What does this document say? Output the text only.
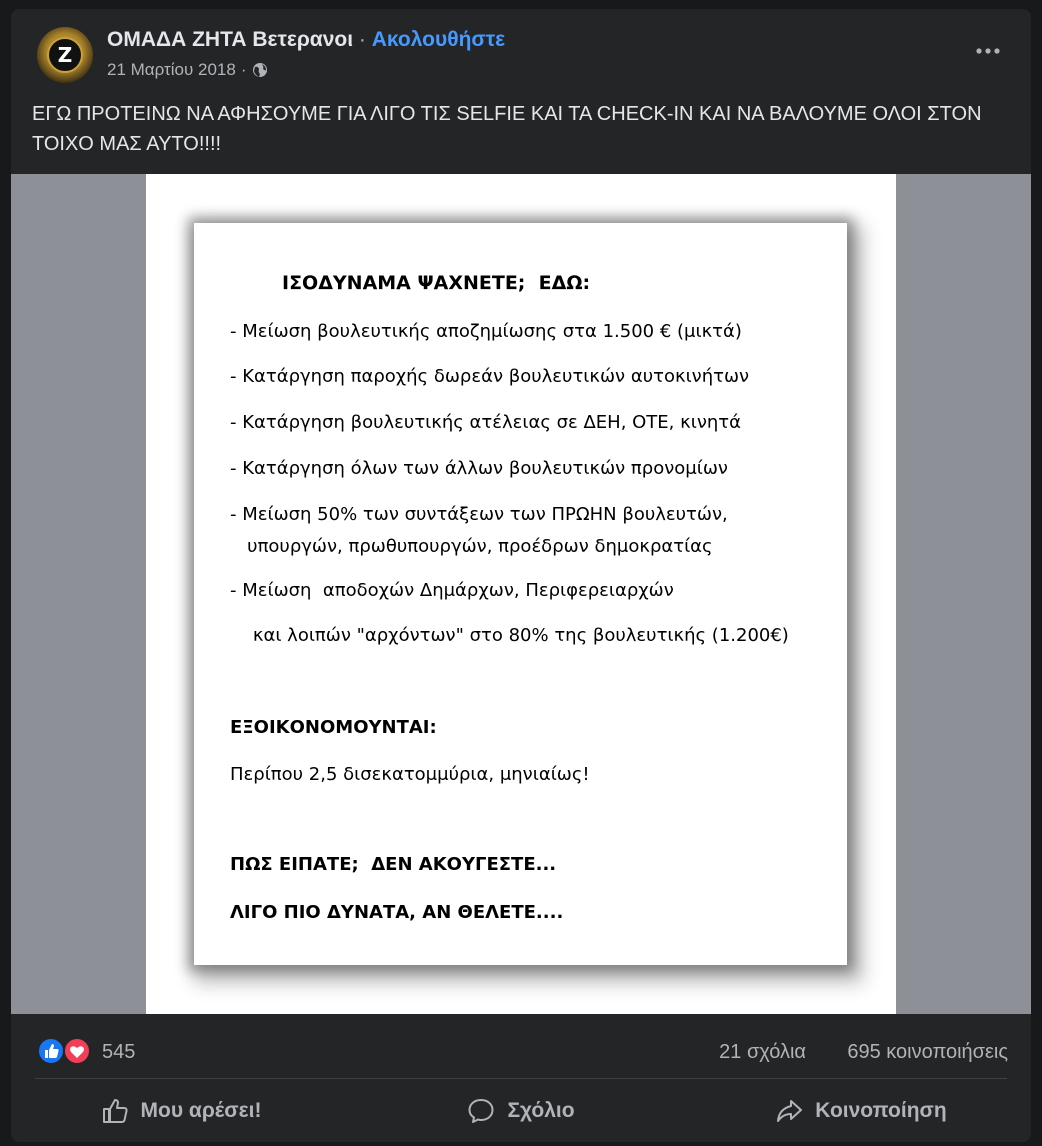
Z
ΟΜΑΔΑ ΖΗΤΑ Βετερανοι · Ακολουθήστε
21 Μαρτίου 2018 ·
ΕΓΩ ΠΡΟΤΕΙΝΩ ΝΑ ΑΦΗΣΟΥΜΕ ΓΙΑ ΛΙΓΟ ΤΙΣ SELFIE ΚΑΙ ΤΑ CHECK-IN ΚΑΙ ΝΑ ΒΑΛΟΥΜΕ ΟΛΟΙ ΣΤΟΝ ΤΟΙΧΟ ΜΑΣ ΑΥΤΟ!!!!
ΙΣΟΔΥΝΑΜΑ ΨΑΧΝΕΤΕ;  ΕΔΩ:
- Μείωση βουλευτικής αποζημίωσης στα 1.500 € (μικτά)
- Κατάργηση παροχής δωρεάν βουλευτικών αυτοκινήτων
- Κατάργηση βουλευτικής ατέλειας σε ΔΕΗ, ΟΤΕ, κινητά
- Κατάργηση όλων των άλλων βουλευτικών προνομίων
- Μείωση 50% των συντάξεων των ΠΡΩΗΝ βουλευτών,
υπουργών, πρωθυπουργών, προέδρων δημοκρατίας
- Μείωση  αποδοχών Δημάρχων, Περιφερειαρχών
και λοιπών "αρχόντων" στο 80% της βουλευτικής (1.200€)
ΕΞΟΙΚΟΝΟΜΟΥΝΤΑΙ:
Περίπου 2,5 δισεκατομμύρια, μηνιαίως!
ΠΩΣ ΕΙΠΑΤΕ;  ΔΕΝ ΑΚΟΥΓΕΣΤΕ...
ΛΙΓΟ ΠΙΟ ΔΥΝΑΤΑ, ΑΝ ΘΕΛΕΤΕ....
545	21 σχόλια 695 κοινοποιήσεις
Μου αρέσει!	Σχόλιο	Κοινοποίηση
